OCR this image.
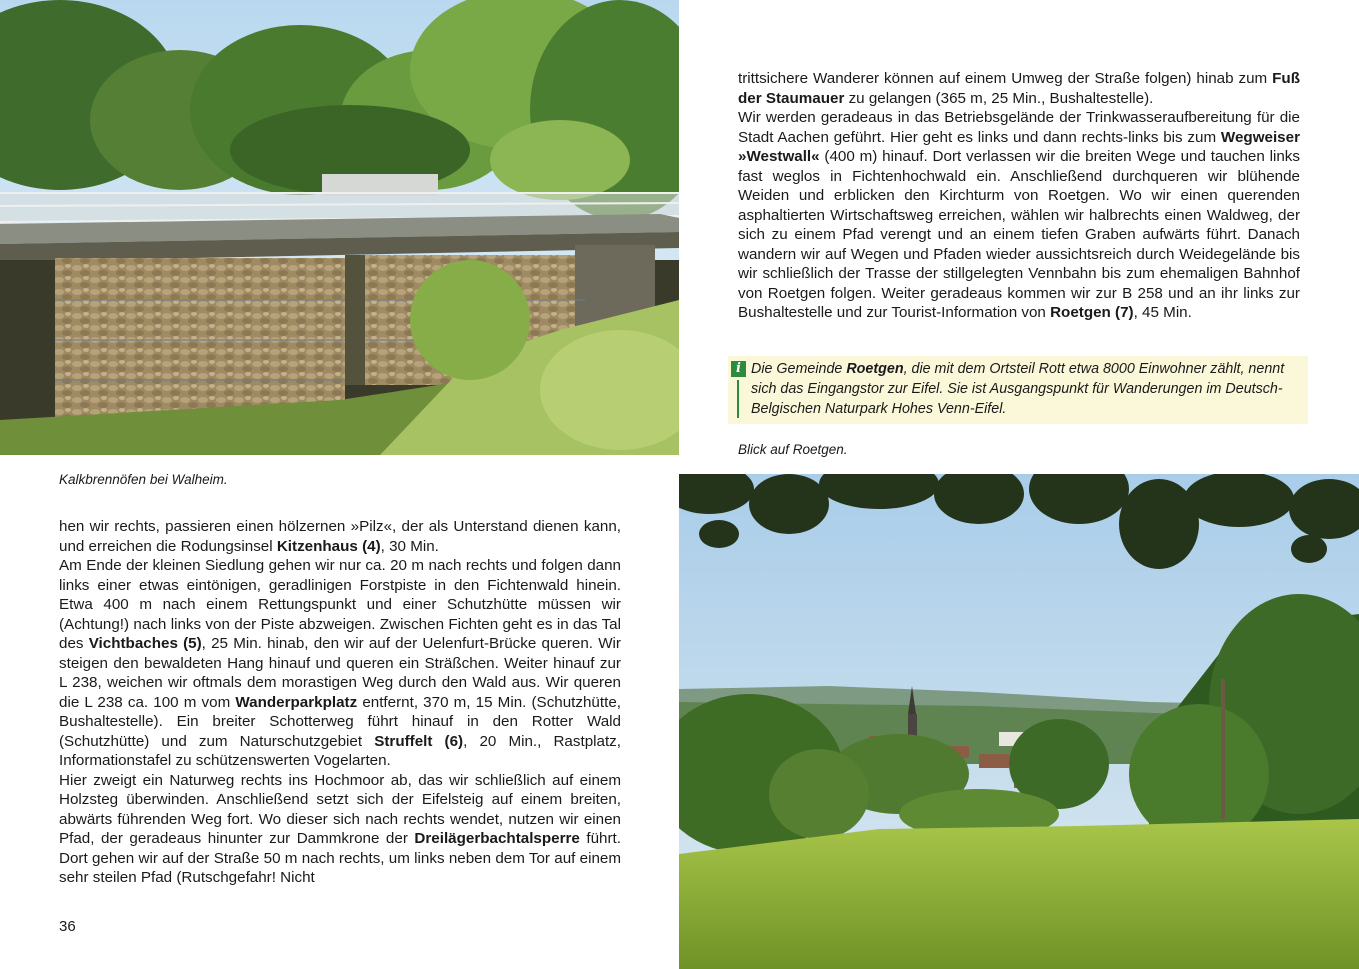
Kalkbrennöfen bei Walheim.

hen wir rechts, passieren einen hölzernen »Pilz«, der als Unterstand dienen kann, und erreichen die Rodungsinsel Kitzenhaus (4), 30 Min.

Am Ende der kleinen Siedlung gehen wir nur ca. 20 m nach rechts und folgen dann links einer etwas eintönigen, geradlinigen Forstpiste in den Fichtenwald hinein. Etwa 400 m nach einem Rettungspunkt und einer Schutzhütte müssen wir (Achtung!) nach links von der Piste abzweigen. Zwischen Fichten geht es in das Tal des Vichtbaches (5), 25 Min. hinab, den wir auf der Uelenfurt-Brücke queren. Wir steigen den bewaldeten Hang hinauf und queren ein Sträßchen. Weiter hinauf zur L 238, weichen wir oftmals dem morastigen Weg durch den Wald aus. Wir queren die L 238 ca. 100 m vom Wanderparkplatz entfernt, 370 m, 15 Min. (Schutzhütte, Bushaltestelle). Ein breiter Schotterweg führt hinauf in den Rotter Wald (Schutzhütte) und zum Naturschutzgebiet Struffelt (6), 20 Min., Rastplatz, Informationstafel zu schützenswerten Vogelarten.

Hier zweigt ein Naturweg rechts ins Hochmoor ab, das wir schließlich auf einem Holzsteg überwinden. Anschließend setzt sich der Eifelsteig auf einem breiten, abwärts führenden Weg fort. Wo dieser sich nach rechts wendet, nutzen wir einen Pfad, der geradeaus hinunter zur Dammkrone der Dreilägerbachtalsperre führt. Dort gehen wir auf der Straße 50 m nach rechts, um links neben dem Tor auf einem sehr steilen Pfad (Rutschgefahr! Nicht

36

trittsichere Wanderer können auf einem Umweg der Straße folgen) hinab zum Fuß der Staumauer zu gelangen (365 m, 25 Min., Bushaltestelle).

Wir werden geradeaus in das Betriebsgelände der Trinkwasseraufbereitung für die Stadt Aachen geführt. Hier geht es links und dann rechts-links bis zum Wegweiser »Westwall« (400 m) hinauf. Dort verlassen wir die breiten Wege und tauchen links fast weglos in Fichtenhochwald ein. Anschließend durchqueren wir blühende Weiden und erblicken den Kirchturm von Roetgen. Wo wir einen querenden asphaltierten Wirtschaftsweg erreichen, wählen wir halbrechts einen Waldweg, der sich zu einem Pfad verengt und an einem tiefen Graben aufwärts führt. Danach wandern wir auf Wegen und Pfaden wieder aussichtsreich durch Weidegelände bis wir schließlich der Trasse der stillgelegten Vennbahn bis zum ehemaligen Bahnhof von Roetgen folgen. Weiter geradeaus kommen wir zur B 258 und an ihr links zur Bushaltestelle und zur Tourist-Information von Roetgen (7), 45 Min.

i Die Gemeinde Roetgen, die mit dem Ortsteil Rott etwa 8000 Einwohner zählt, nennt sich das Eingangstor zur Eifel. Sie ist Ausgangspunkt für Wanderungen im Deutsch-Belgischen Naturpark Hohes Venn-Eifel.

Blick auf Roetgen.
